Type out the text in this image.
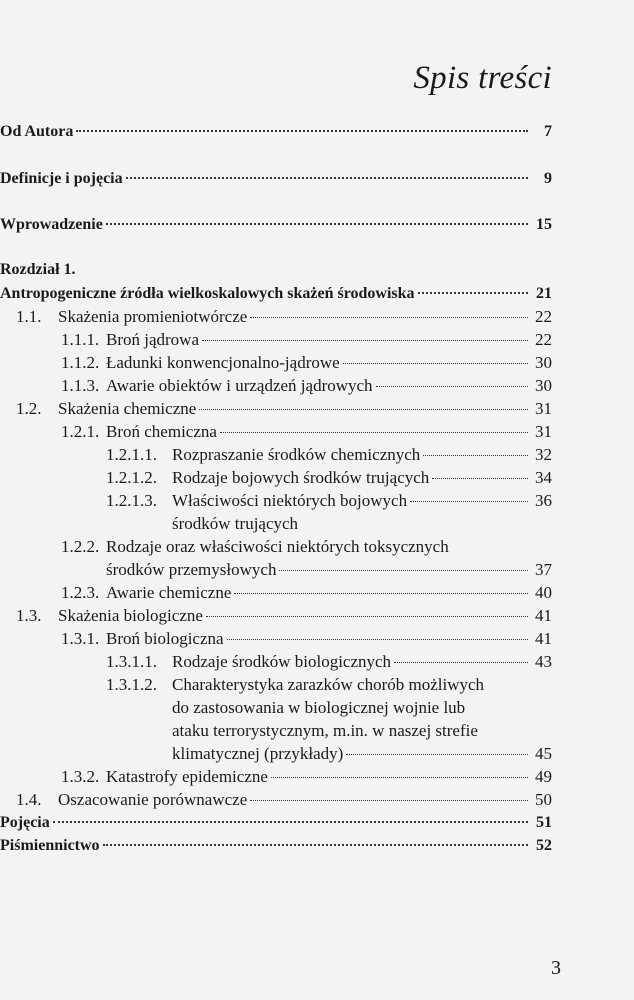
Spis treści
Od Autora	7
Definicje i pojęcia	9
Wprowadzenie	15
Rozdział 1.
Antropogeniczne źródła wielkoskalowych skażeń środowiska	21
1.1. Skażenia promieniotwórcze	22
1.1.1. Broń jądrowa	22
1.1.2. Ładunki konwencjonalno-jądrowe	30
1.1.3. Awarie obiektów i urządzeń jądrowych	30
1.2. Skażenia chemiczne	31
1.2.1. Broń chemiczna	31
1.2.1.1. Rozpraszanie środków chemicznych	32
1.2.1.2. Rodzaje bojowych środków trujących	34
1.2.1.3. Właściwości niektórych bojowych	36
środków trujących
1.2.2. Rodzaje oraz właściwości niektórych toksycznych
środków przemysłowych	37
1.2.3. Awarie chemiczne	40
1.3. Skażenia biologiczne	41
1.3.1. Broń biologiczna	41
1.3.1.1. Rodzaje środków biologicznych	43
1.3.1.2. Charakterystyka zarazków chorób możliwych
do zastosowania w biologicznej wojnie lub
ataku terrorystycznym, m.in. w naszej strefie
klimatycznej (przykłady)	45
1.3.2. Katastrofy epidemiczne	49
1.4. Oszacowanie porównawcze	50
Pojęcia	51
Piśmiennictwo	52
3
